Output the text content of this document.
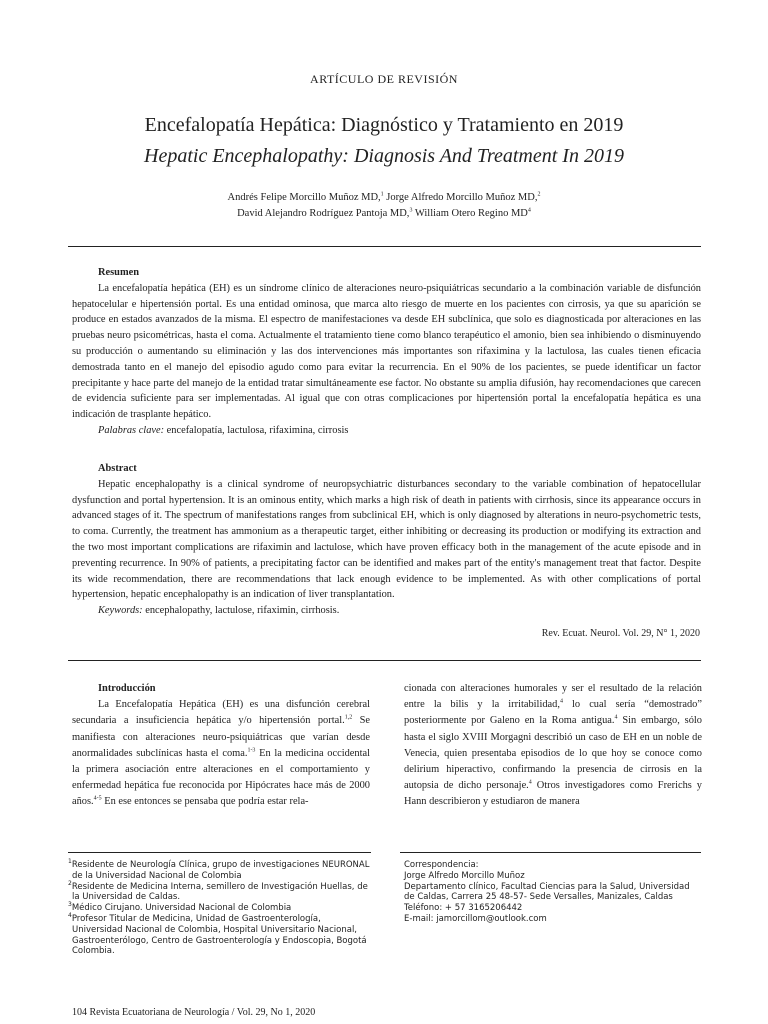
ARTÍCULO DE REVISIÓN
Encefalopatía Hepática: Diagnóstico y Tratamiento en 2019
Hepatic Encephalopathy: Diagnosis And Treatment In 2019
Andrés Felipe Morcillo Muñoz MD,$^1$ Jorge Alfredo Morcillo Muñoz MD,$^2$
David Alejandro Rodríguez Pantoja MD,$^3$ William Otero Regino $MD^4$

Resumen

La encefalopatía hepática (EH) es un síndrome clínico de alteraciones neuro-psiquiátricas secundario a la combinación variable de disfunción hepatocelular e hipertensión portal. Es una entidad ominosa, que marca alto riesgo de muerte en los pacientes con cirrosis, ya que su aparición se produce en estados avanzados de la misma. El espectro de manifestaciones va desde EH subclínica, que solo es diagnosticada por alteraciones en las pruebas neuro psicométricas, hasta el coma. Actualmente el tratamiento tiene como blanco terapéutico el amonio, bien sea inhibiendo o disminuyendo su producción o aumentando su eliminación y las dos intervenciones más importantes son rifaximina y la lactulosa, las cuales tienen eficacia demostrada tanto en el manejo del episodio agudo como para evitar la recurrencia. En el 90% de los pacientes, se puede identificar un factor precipitante y hace parte del manejo de la entidad tratar simultáneamente ese factor. No obstante su amplia difusión, hay recomendaciones que carecen de evidencia suficiente para ser implementadas. Al igual que con otras complicaciones por hipertensión portal la encefalopatía hepática es una indicación de trasplante hepático.

Palabras clave: encefalopatía, lactulosa, rifaximina, cirrosis

Abstract

Hepatic encephalopathy is a clinical syndrome of neuropsychiatric disturbances secondary to the variable combination of hepatocellular dysfunction and portal hypertension. It is an ominous entity, which marks a high risk of death in patients with cirrhosis, since its appearance occurs in advanced stages of it. The spectrum of manifestations ranges from subclinical EH, which is only diagnosed by alterations in neuro-psychometric tests, to coma. Currently, the treatment has ammonium as a therapeutic target, either inhibiting or decreasing its production or modifying its extraction and the two most important complications are rifaximin and lactulose, which have proven efficacy both in the management of the acute episode and in preventing recurrence. In 90% of patients, a precipitating factor can be identified and makes part of the entity's management treat that factor. Despite its wide recommendation, there are recommendations that lack enough evidence to be implemented. As with other complications of portal hypertension, hepatic encephalopathy is an indication of liver transplantation.

Keywords: encephalopathy, lactulose, rifaximin, cirrhosis.

Rev. Ecuat. Neurol. Vol. 29, N° 1, 2020

Introducción

La Encefalopatía Hepática (EH) es una disfunción cerebral secundaria a insuficiencia hepática y/o hipertensión portal.$^{1,2}$ Se manifiesta con alteraciones neuro-psiquiátricas que varían desde anormalidades subclínicas hasta el coma.$^{1-3}$ En la medicina occidental la primera asociación entre alteraciones en el comportamiento y enfermedad hepática fue reconocida por Hipócrates hace más de 2000 años.$^{4-5}$ En ese entonces se pensaba que podría estar rela-

cionada con alteraciones humorales y ser el resultado de la relación entre la bilis y la irritabilidad,$^4$ lo cual sería “demostrado” posteriormente por Galeno en la Roma antigua.$^4$ Sin embargo, sólo hasta el siglo XVIII Morgagni describió un caso de EH en un noble de Venecia, quien presentaba episodios de lo que hoy se conoce como delirium hiperactivo, confirmando la presencia de cirrosis en la autopsia de dicho personaje.$^4$ Otros investigadores como Frerichs y Hann describieron y estudiaron de manera

$^1$Residente de Neurología Clínica, grupo de investigaciones NEURONAL de la Universidad Nacional de Colombia
$^2$Residente de Medicina Interna, semillero de Investigación Huellas, de la Universidad de Caldas.
$^3$Médico Cirujano. Universidad Nacional de Colombia
$^4$Profesor Titular de Medicina, Unidad de Gastroenterología, Universidad Nacional de Colombia, Hospital Universitario Nacional, Gastroenterólogo, Centro de Gastroenterología y Endoscopia, Bogotá Colombia.
Correspondencia:
Jorge Alfredo Morcillo Muñoz
Departamento clínico, Facultad Ciencias para la Salud, Universidad de Caldas, Carrera 25 48-57- Sede Versalles, Manizales, Caldas
Teléfono: + 57 3165206442
E-mail: jamorcillom@outlook.com
104 Revista Ecuatoriana de Neurología / Vol. 29, No 1, 2020
